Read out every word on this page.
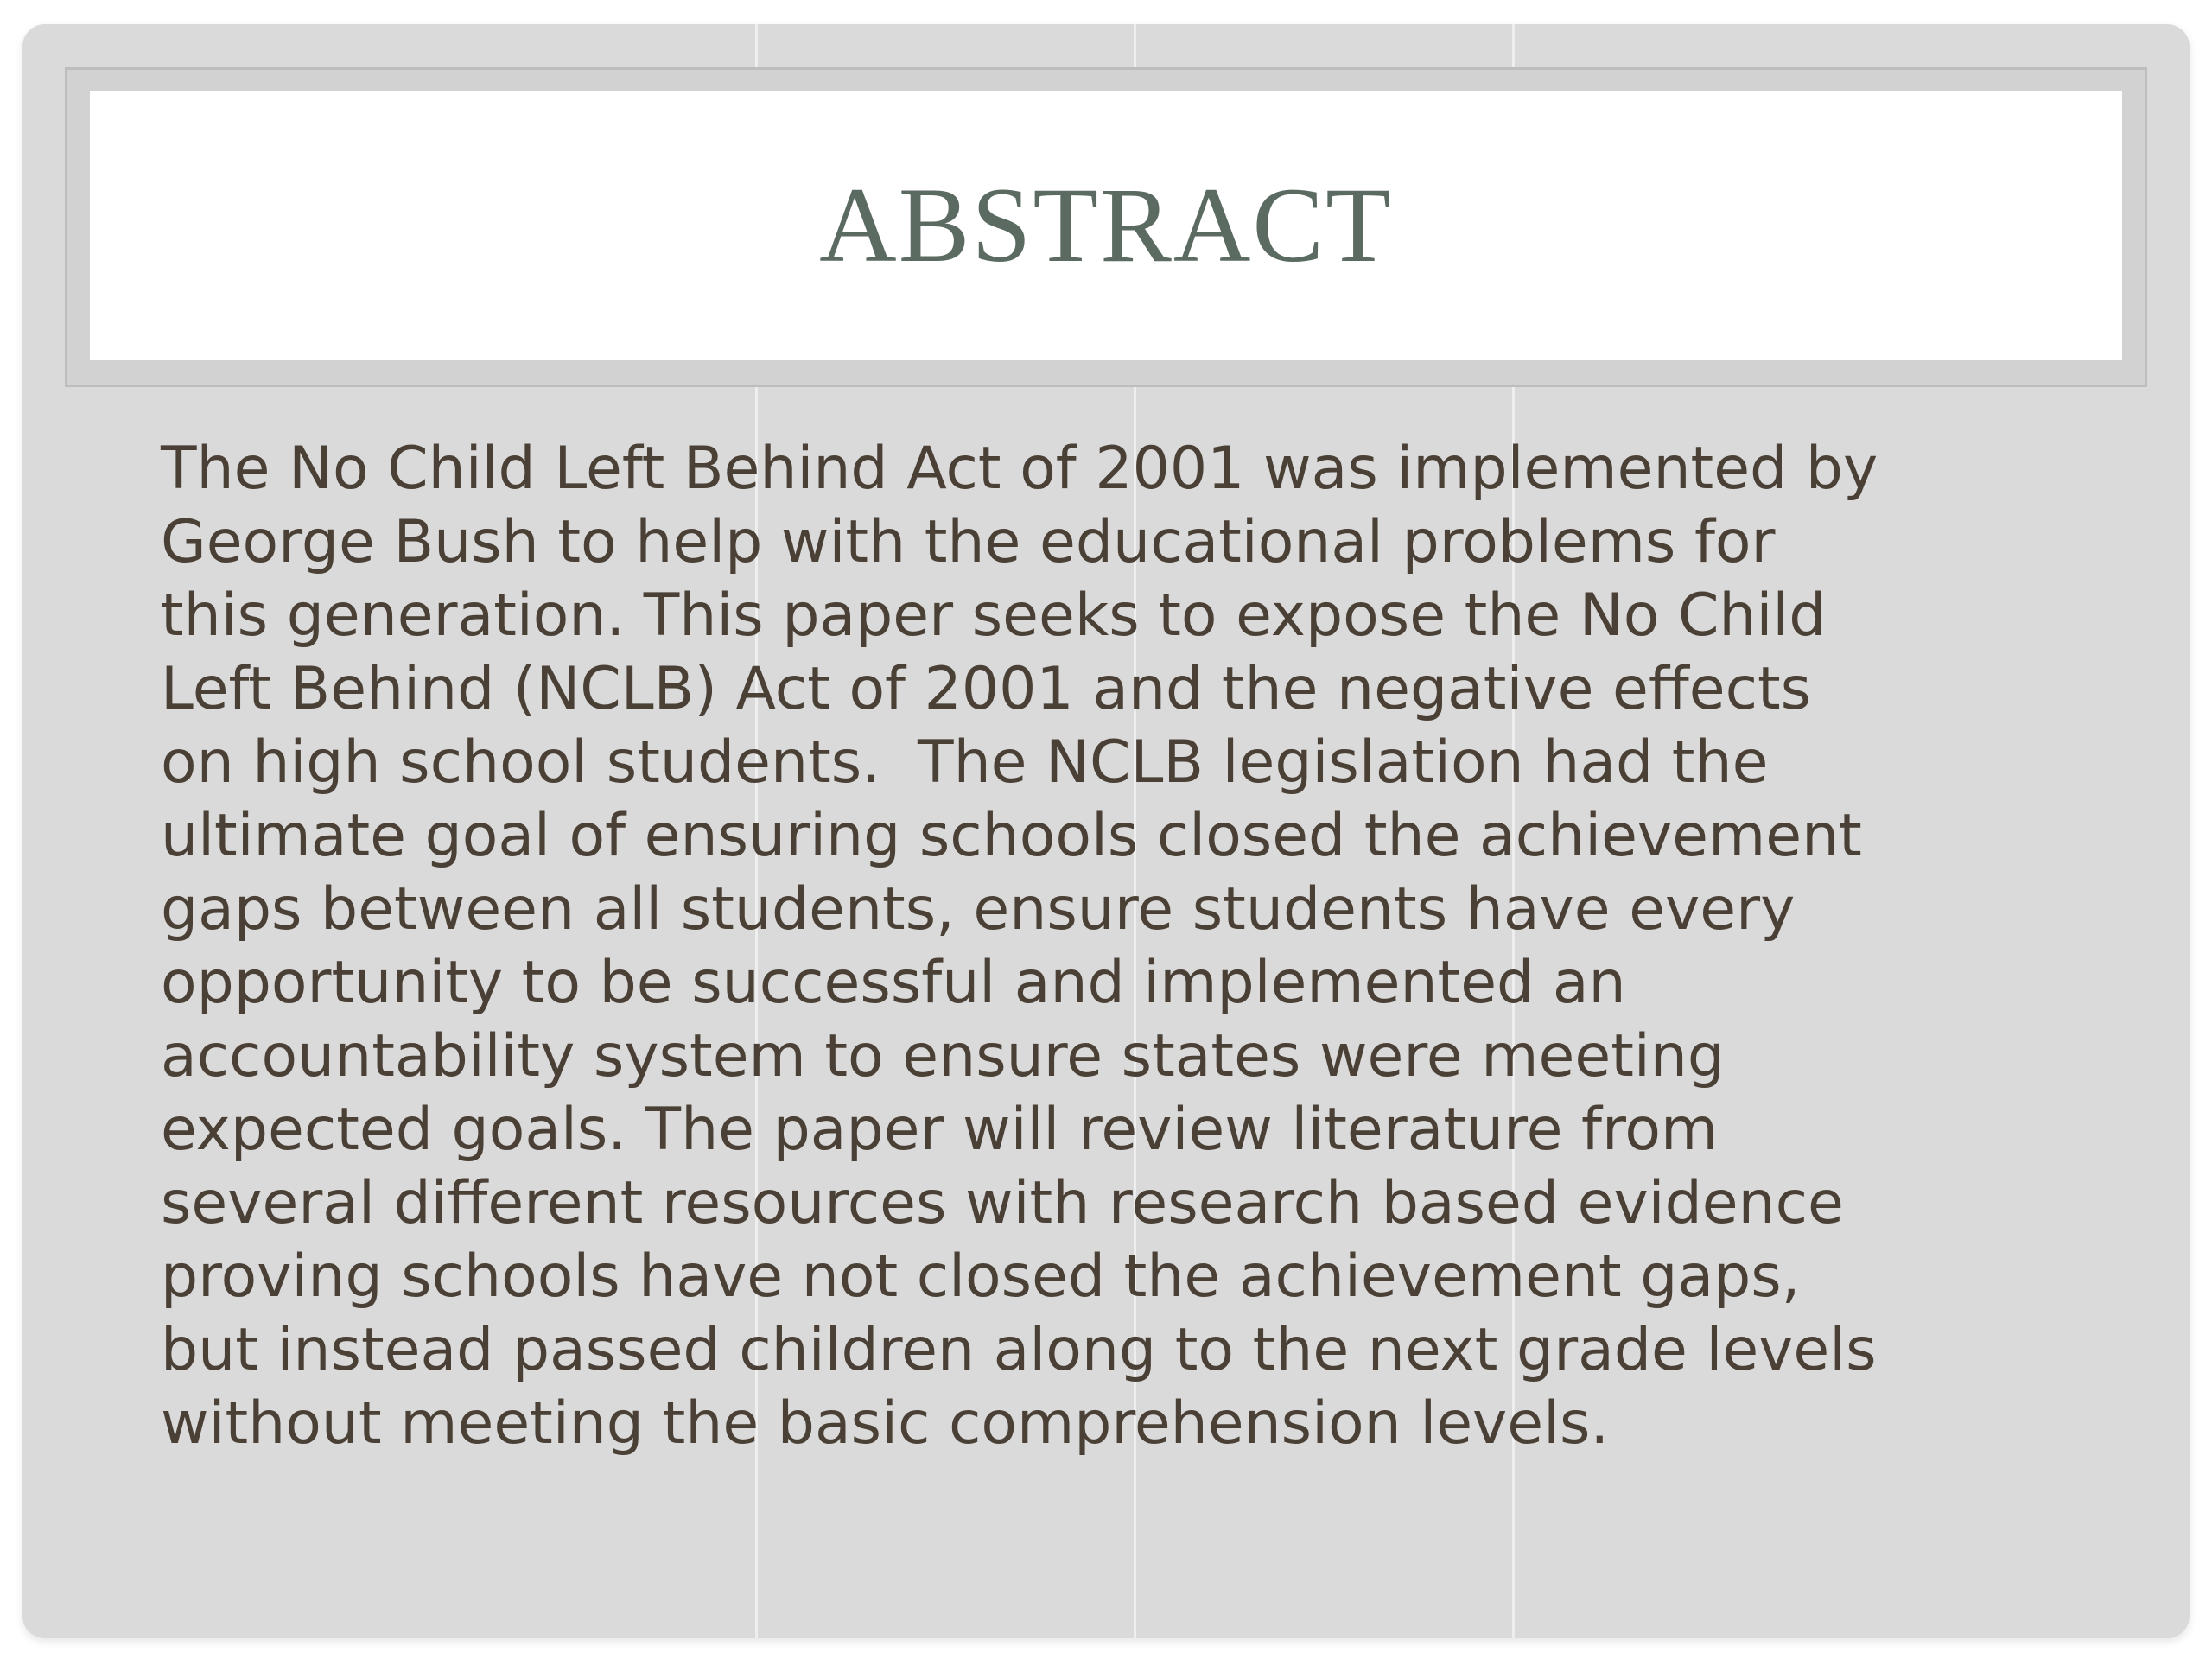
ABSTRACT

The No Child Left Behind Act of 2001 was implemented by
George Bush to help with the educational problems for
this generation. This paper seeks to expose the No Child
Left Behind (NCLB) Act of 2001 and the negative effects
on high school students.  The NCLB legislation had the
ultimate goal of ensuring schools closed the achievement
gaps between all students, ensure students have every
opportunity to be successful and implemented an
accountability system to ensure states were meeting
expected goals. The paper will review literature from
several different resources with research based evidence
proving schools have not closed the achievement gaps,
but instead passed children along to the next grade levels
without meeting the basic comprehension levels.
